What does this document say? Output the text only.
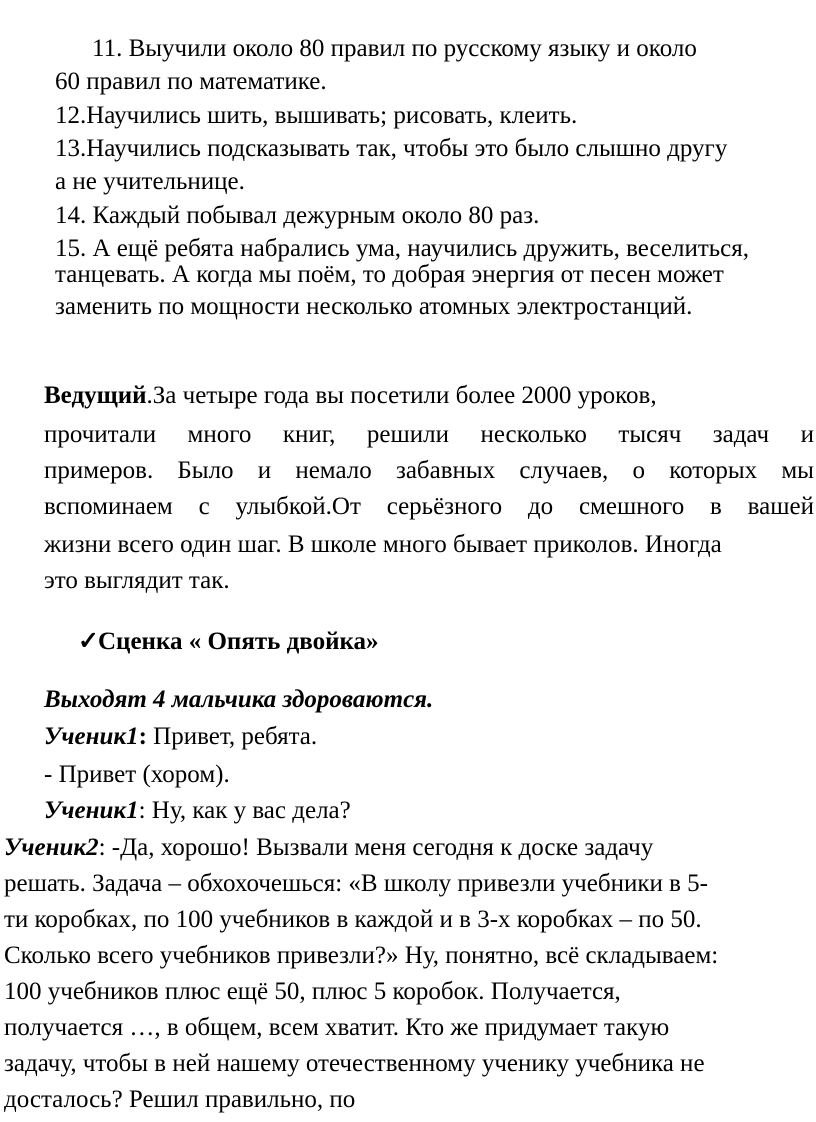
11. Выучили около 80 правил по русскому языку и около
60 правил по математике.
12.Научились шить, вышивать; рисовать, клеить.
13.Научились подсказывать так, чтобы это было слышно другу
а не учительнице.
14. Каждый побывал дежурным около 80 раз.
15. А ещё ребята набрались ума, научились дружить, веселиться,
танцевать. А когда мы поём, то добрая энергия от песен может
заменить по мощности несколько атомных электростанций.
Ведущий.За четыре года вы посетили более 2000 уроков,
прочитали много книг, решили несколько тысяч задач и
примеров. Было и немало забавных случаев, о которых мы
вспоминаем с улыбкой.От серьёзного до смешного в вашей
жизни всего один шаг. В школе много бывает приколов. Иногда
это выглядит так.
✓Сценка « Опять двойка»
Выходят 4 мальчика здороваются.
Ученик1: Привет, ребята.
- Привет (хором).
Ученик1: Ну, как у вас дела?
Ученик2: -Да, хорошо! Вызвали меня сегодня к доске задачу
решать. Задача – обхохочешься: «В школу привезли учебники в 5-
ти коробках, по 100 учебников в каждой и в 3-х коробках – по 50.
Сколько всего учебников привезли?» Ну, понятно, всё складываем:
100 учебников плюс ещё 50, плюс 5 коробок. Получается,
получается …, в общем, всем хватит. Кто же придумает такую
задачу, чтобы в ней нашему отечественному ученику учебника не
досталось? Решил правильно, по
